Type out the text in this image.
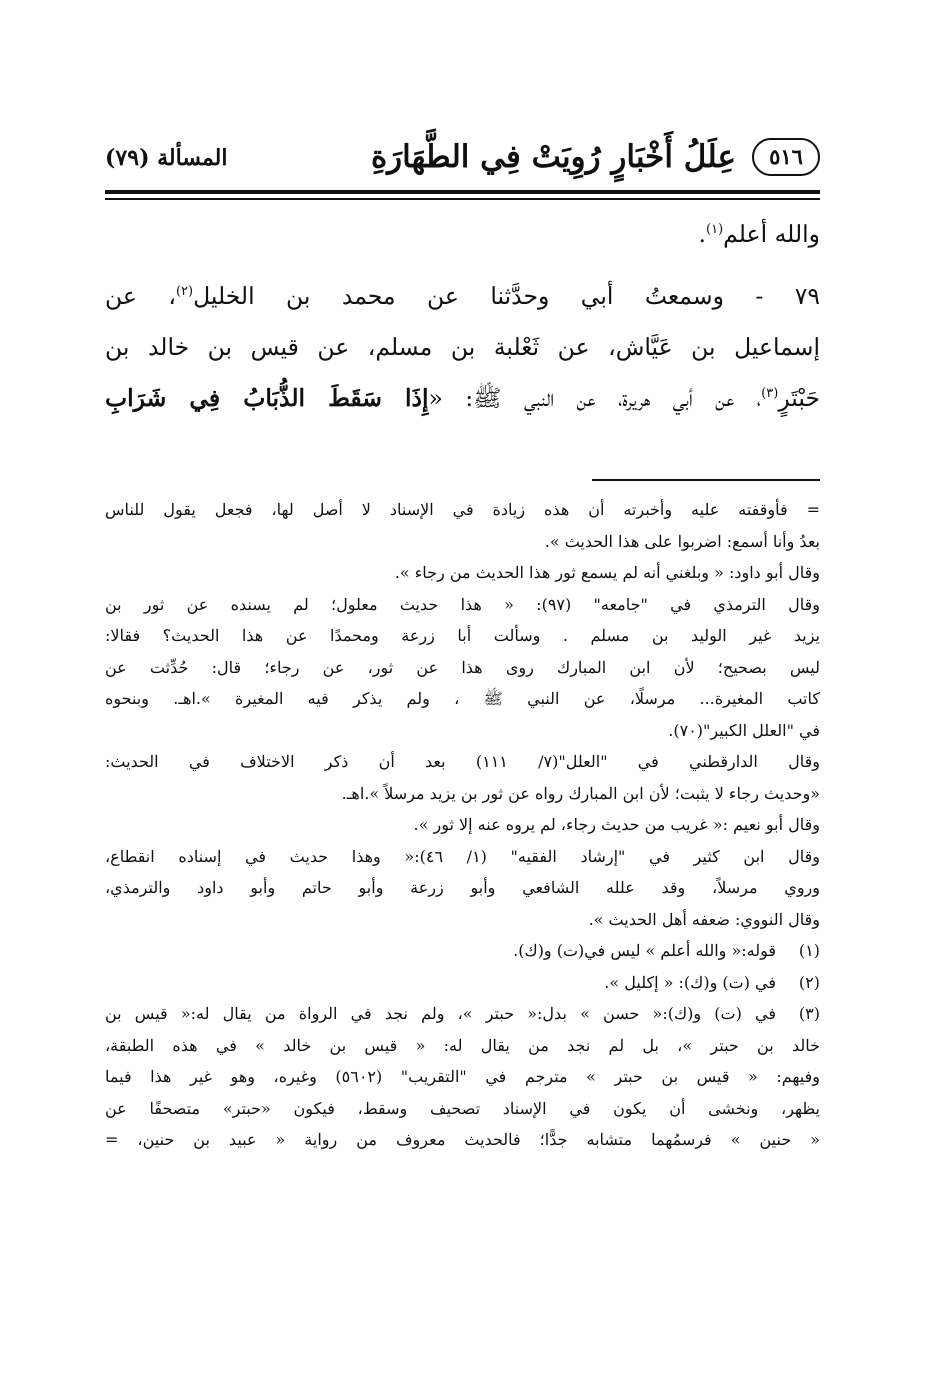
٥١٦
عِلَلُ أَخْبَارٍ رُوِيَتْ فِي الطَّهَارَةِ
المسألة (٧٩)

والله أعلم$^{(١)}$.

٧٩ - وسمعتُ أبي وحدَّثنا عن محمد بن الخليل$^{(٢)}$، عن

إسماعيل بن عَيَّاش، عن ثَعْلبة بن مسلم، عن قيس بن خالد بن

حَبْتَرٍ$^{(٣)}$، عن أبي هريرة، عن النبي ﷺ: «إِذَا سَقَطَ الذُّبَابُ فِي شَرَابِ

= فأوقفته عليه وأخبرته أن هذه زيادة في الإسناد لا أصل لها، فجعل يقول للناس
بعدُ وأنا أسمع: اضربوا على هذا الحديث ».
وقال أبو داود: « وبلغني أنه لم يسمع ثور هذا الحديث من رجاء ».
وقال الترمذي في "جامعه" (٩٧): « هذا حديث معلول؛ لم يسنده عن ثور بن
يزيد غير الوليد بن مسلم . وسألت أبا زرعة ومحمدًا عن هذا الحديث؟ فقالا:
ليس بصحيح؛ لأن ابن المبارك روى هذا عن ثور، عن رجاء؛ قال: حُدِّثت عن
كاتب المغيرة... مرسلًا، عن النبي ﷺ ، ولم يذكر فيه المغيرة ».اهـ. وبنحوه
في "العلل الكبير"(٧٠).
وقال الدارقطني في "العلل"(٧/ ١١١) بعد أن ذكر الاختلاف في الحديث:
«وحديث رجاء لا يثبت؛ لأن ابن المبارك رواه عن ثور بن يزيد مرسلاً ».اهـ.
وقال أبو نعيم :« غريب من حديث رجاء، لم يروه عنه إلا ثور ».
وقال ابن كثير في "إرشاد الفقيه" (١/ ٤٦):« وهذا حديث في إسناده انقطاع،
وروي مرسلاً، وقد علله الشافعي وأبو زرعة وأبو حاتم وأبو داود والترمذي،
وقال النووي: ضعفه أهل الحديث ».
(١)
قوله:« والله أعلم » ليس في(ت) و(ك).
(٢)
في (ت) و(ك): « إكليل ».
(٣)
في (ت) و(ك):« حسن » بدل:« حبتر »، ولم نجد في الرواة من يقال له:« قيس بن
خالد بن حبتر »، بل لم نجد من يقال له: « قيس بن خالد » في هذه الطبقة،
وفيهم: « قيس بن حبتر » مترجم في "التقريب" (٥٦٠٢) وغيره، وهو غير هذا فيما
يظهر، ونخشى أن يكون في الإسناد تصحيف وسقط، فيكون «حبتر» متصحفًا عن
« حنين » فرسمُهما متشابه جدًّا؛ فالحديث معروف من رواية « عبيد بن حنين، =
